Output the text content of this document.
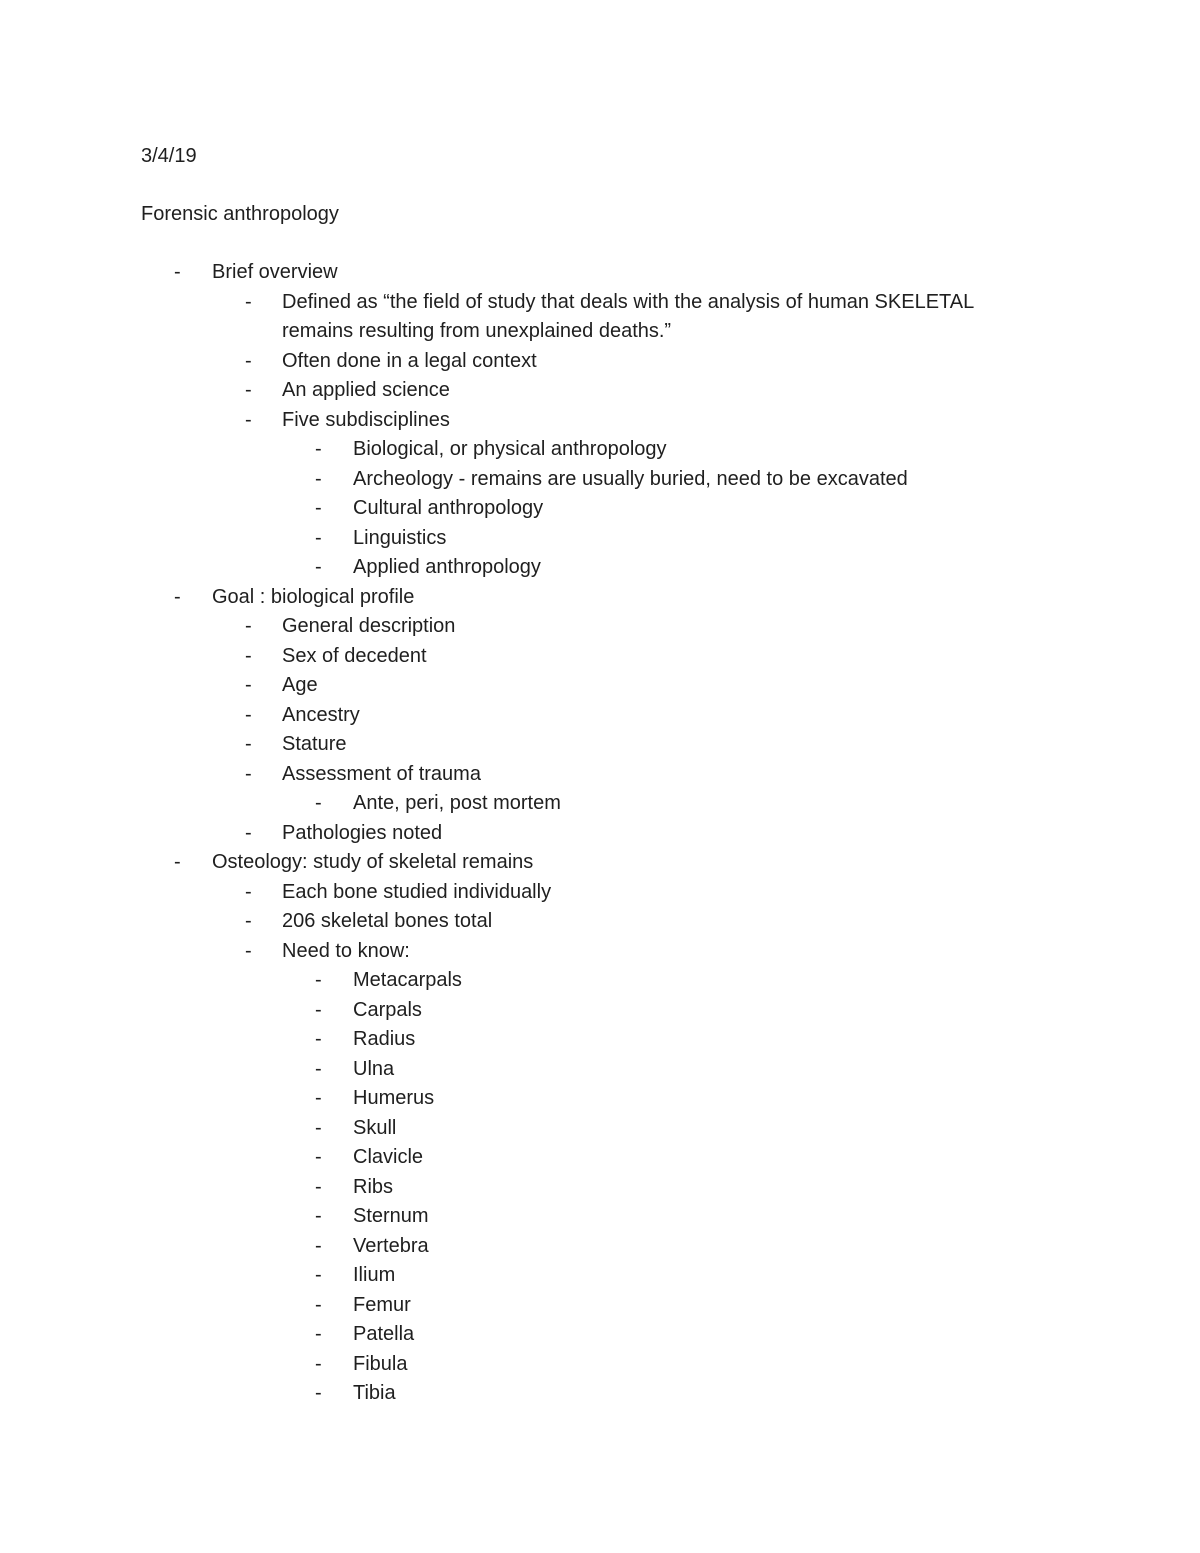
3/4/19
Forensic anthropology
- Brief overview
- Defined as “the field of study that deals with the analysis of human SKELETAL remains resulting from unexplained deaths.”
- Often done in a legal context
- An applied science
- Five subdisciplines
- Biological, or physical anthropology
- Archeology - remains are usually buried, need to be excavated
- Cultural anthropology
- Linguistics
- Applied anthropology
- Goal : biological profile
- General description
- Sex of decedent
- Age
- Ancestry
- Stature
- Assessment of trauma
- Ante, peri, post mortem
- Pathologies noted
- Osteology: study of skeletal remains
- Each bone studied individually
- 206 skeletal bones total
- Need to know:
- Metacarpals
- Carpals
- Radius
- Ulna
- Humerus
- Skull
- Clavicle
- Ribs
- Sternum
- Vertebra
- Ilium
- Femur
- Patella
- Fibula
- Tibia
